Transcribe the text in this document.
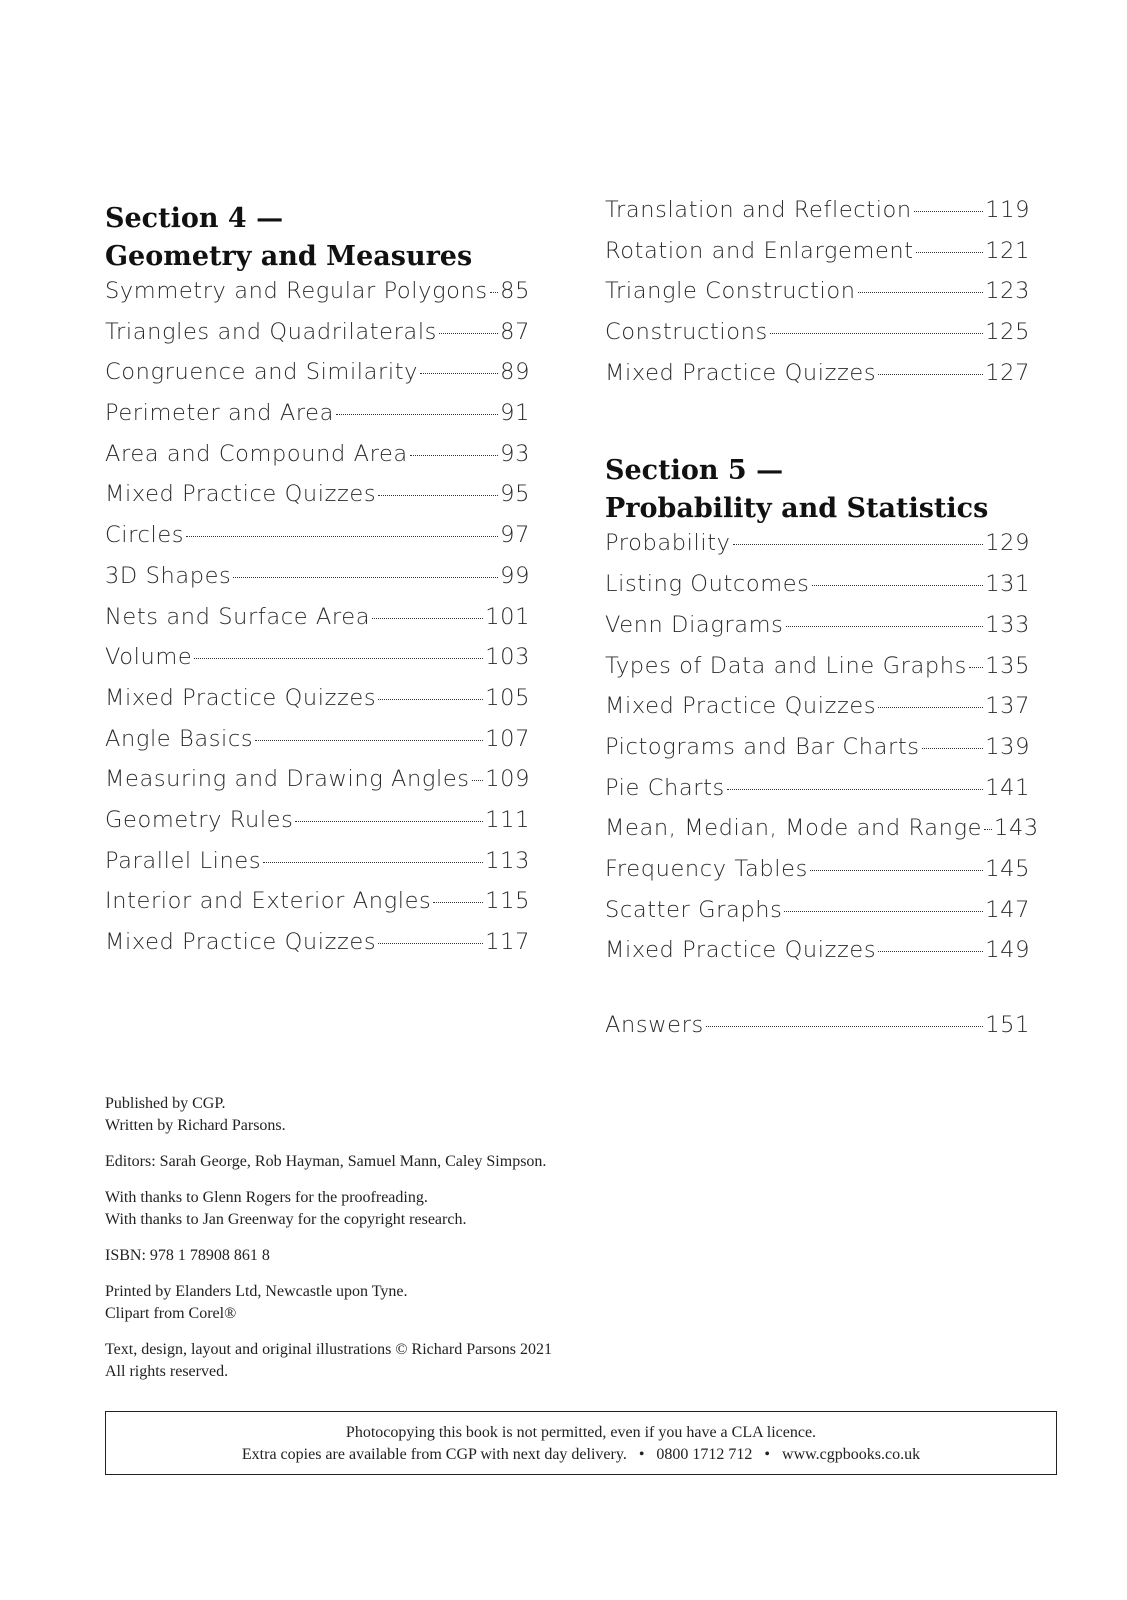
Section 4 —
Geometry and Measures
Symmetry and Regular Polygons 85
Triangles and Quadrilaterals	87
Congruence and Similarity	89
Perimeter and Area	91
Area and Compound Area	93
Mixed Practice Quizzes	95
Circles	97
3D Shapes	99
Nets and Surface Area	101
Volume	103
Mixed Practice Quizzes	105
Angle Basics	107
Measuring and Drawing Angles 109
Geometry Rules	111
Parallel Lines	113
Interior and Exterior Angles 115
Mixed Practice Quizzes	117
Translation and Reflection	119
Rotation and Enlargement	121
Triangle Construction	123
Constructions	125
Mixed Practice Quizzes	127
Section 5 —
Probability and Statistics
Probability	129
Listing Outcomes	131
Venn Diagrams	133
Types of Data and Line Graphs 135
Mixed Practice Quizzes	137
Pictograms and Bar Charts	139
Pie Charts	141
Mean, Median, Mode and Range 143
Frequency Tables	145
Scatter Graphs	147
Mixed Practice Quizzes	149
Answers	151

Published by CGP.
Written by Richard Parsons.

Editors: Sarah George, Rob Hayman, Samuel Mann, Caley Simpson.

With thanks to Glenn Rogers for the proofreading.
With thanks to Jan Greenway for the copyright research.

ISBN: 978 1 78908 861 8

Printed by Elanders Ltd, Newcastle upon Tyne.
Clipart from Corel®

Text, design, layout and original illustrations © Richard Parsons 2021
All rights reserved.

Photocopying this book is not permitted, even if you have a CLA licence.
Extra copies are available from CGP with next day delivery. • 0800 1712 712 • www.cgpbooks.co.uk
